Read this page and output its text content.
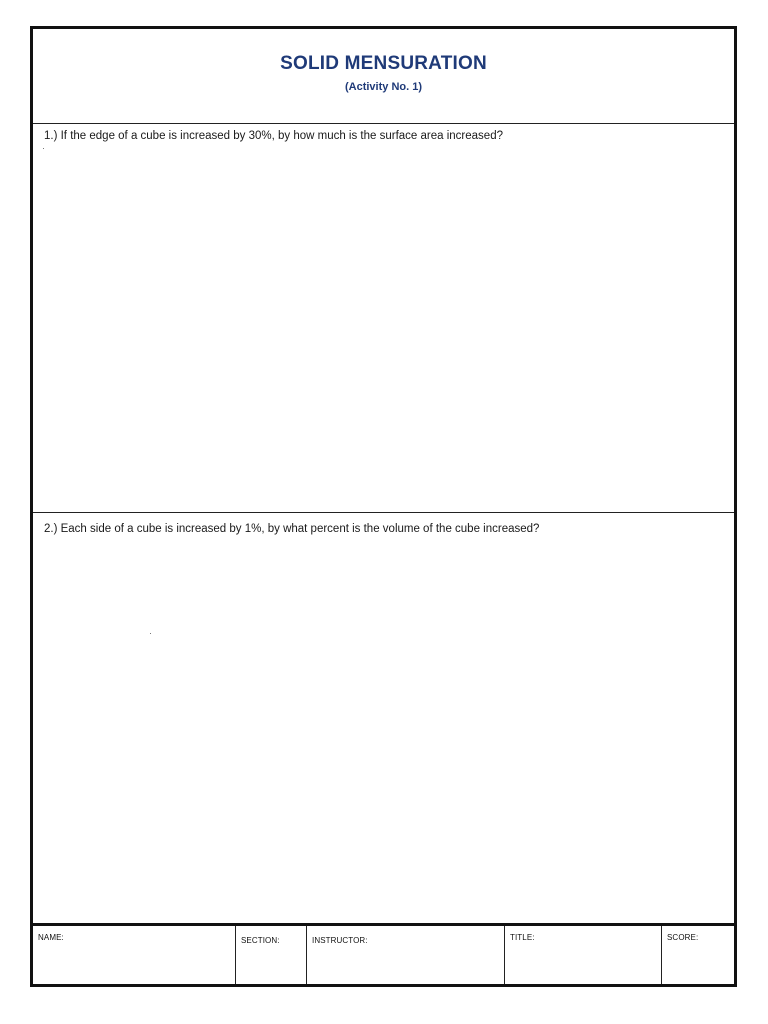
SOLID MENSURATION
(Activity No. 1)
1.) If the edge of a cube is increased by 30%, by how much is the surface area increased?
2.) Each side of a cube is increased by 1%, by what percent is the volume of the cube increased?
NAME:	SECTION:	INSTRUCTOR:	TITLE:	SCORE:
